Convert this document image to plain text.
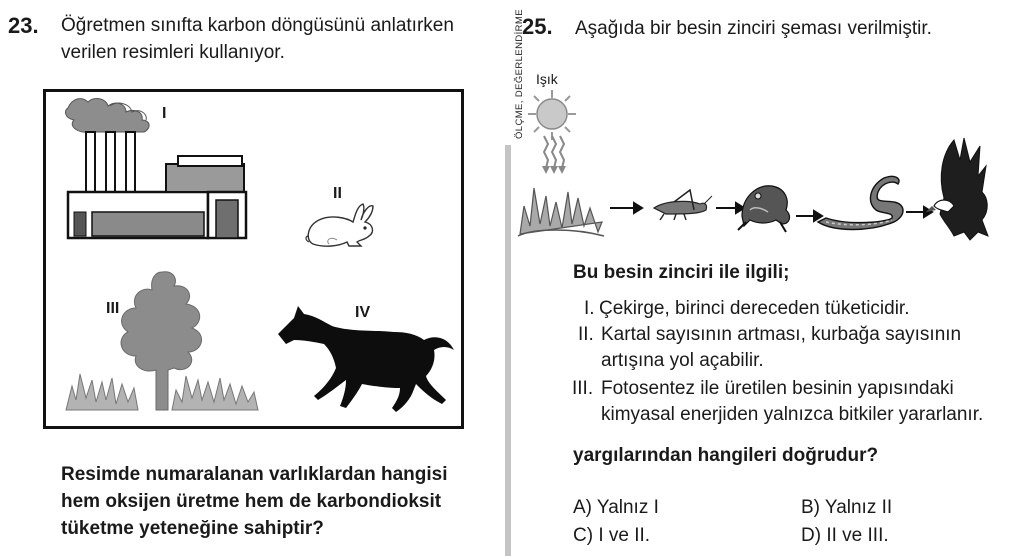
23. Öğretmen sınıfta karbon döngüsünü anlatırken
verilen resimleri kullanıyor.
I
II
III	IV
Resimde numaralanan varlıklardan hangisi
hem oksijen üretme hem de karbondioksit
tüketme yeteneğine sahiptir?
ÖLÇME, DEĞERLENDİRME
25. Aşağıda bir besin zinciri şeması verilmiştir.
Işık
Bu besin zinciri ile ilgili;
I. Çekirge, birinci dereceden tüketicidir.
II. Kartal sayısının artması, kurbağa sayısının
artışına yol açabilir.
III. Fotosentez ile üretilen besinin yapısındaki
kimyasal enerjiden yalnızca bitkiler yararlanır.
yargılarından hangileri doğrudur?
A) Yalnız I	B) Yalnız II
C) I ve II.	D) II ve III.
